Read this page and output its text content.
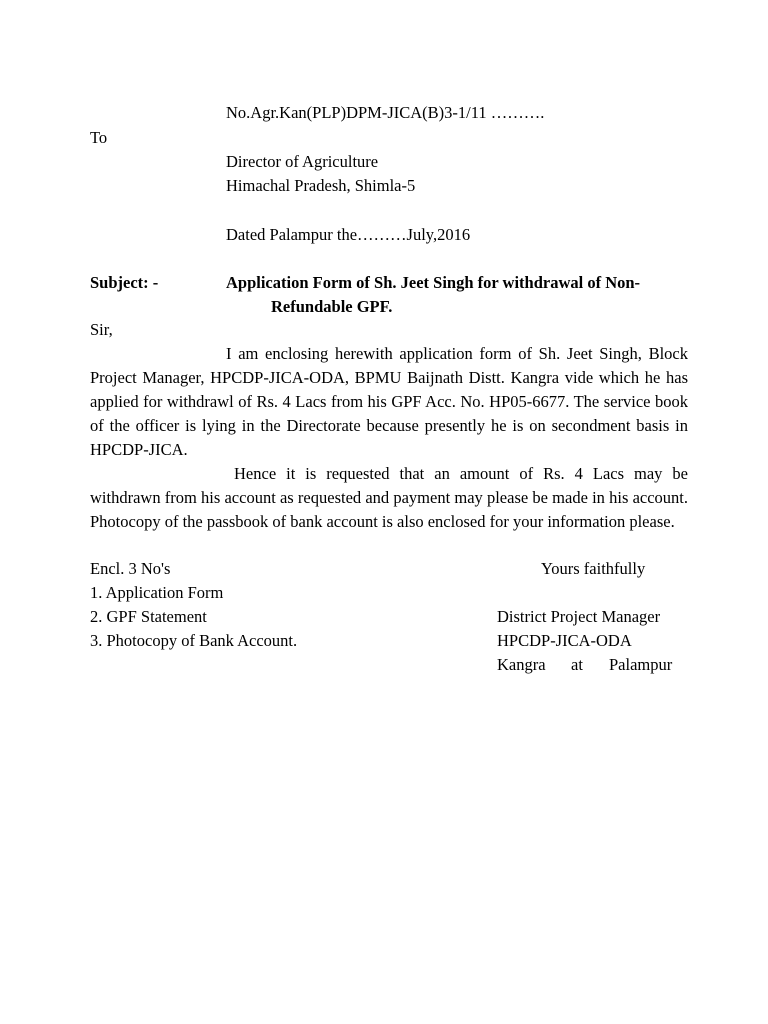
No.Agr.Kan(PLP)DPM-JICA(B)3-1/11 ……….
To
Director of Agriculture
Himachal Pradesh, Shimla-5
Dated Palampur the………July,2016
Subject: -	Application Form of Sh. Jeet Singh for withdrawal of Non-
Refundable GPF.
Sir,

I am enclosing herewith application form of Sh. Jeet Singh, Block Project Manager, HPCDP-JICA-ODA, BPMU Baijnath Distt. Kangra vide which he has applied for withdrawl of Rs. 4 Lacs from his GPF Acc. No. HP05-6677. The service book of the officer is lying in the Directorate because presently he is on secondment basis in HPCDP-JICA.

Hence it is requested that an amount of Rs. 4 Lacs may be withdrawn from his account as requested and payment may please be made in his account. Photocopy of the passbook of bank account is also enclosed for your information please.

Encl. 3 No's	Yours faithfully
1. Application Form
2. GPF Statement
3. Photocopy of Bank Account.
District Project Manager
HPCDP-JICA-ODA
Kangra at Palampur
